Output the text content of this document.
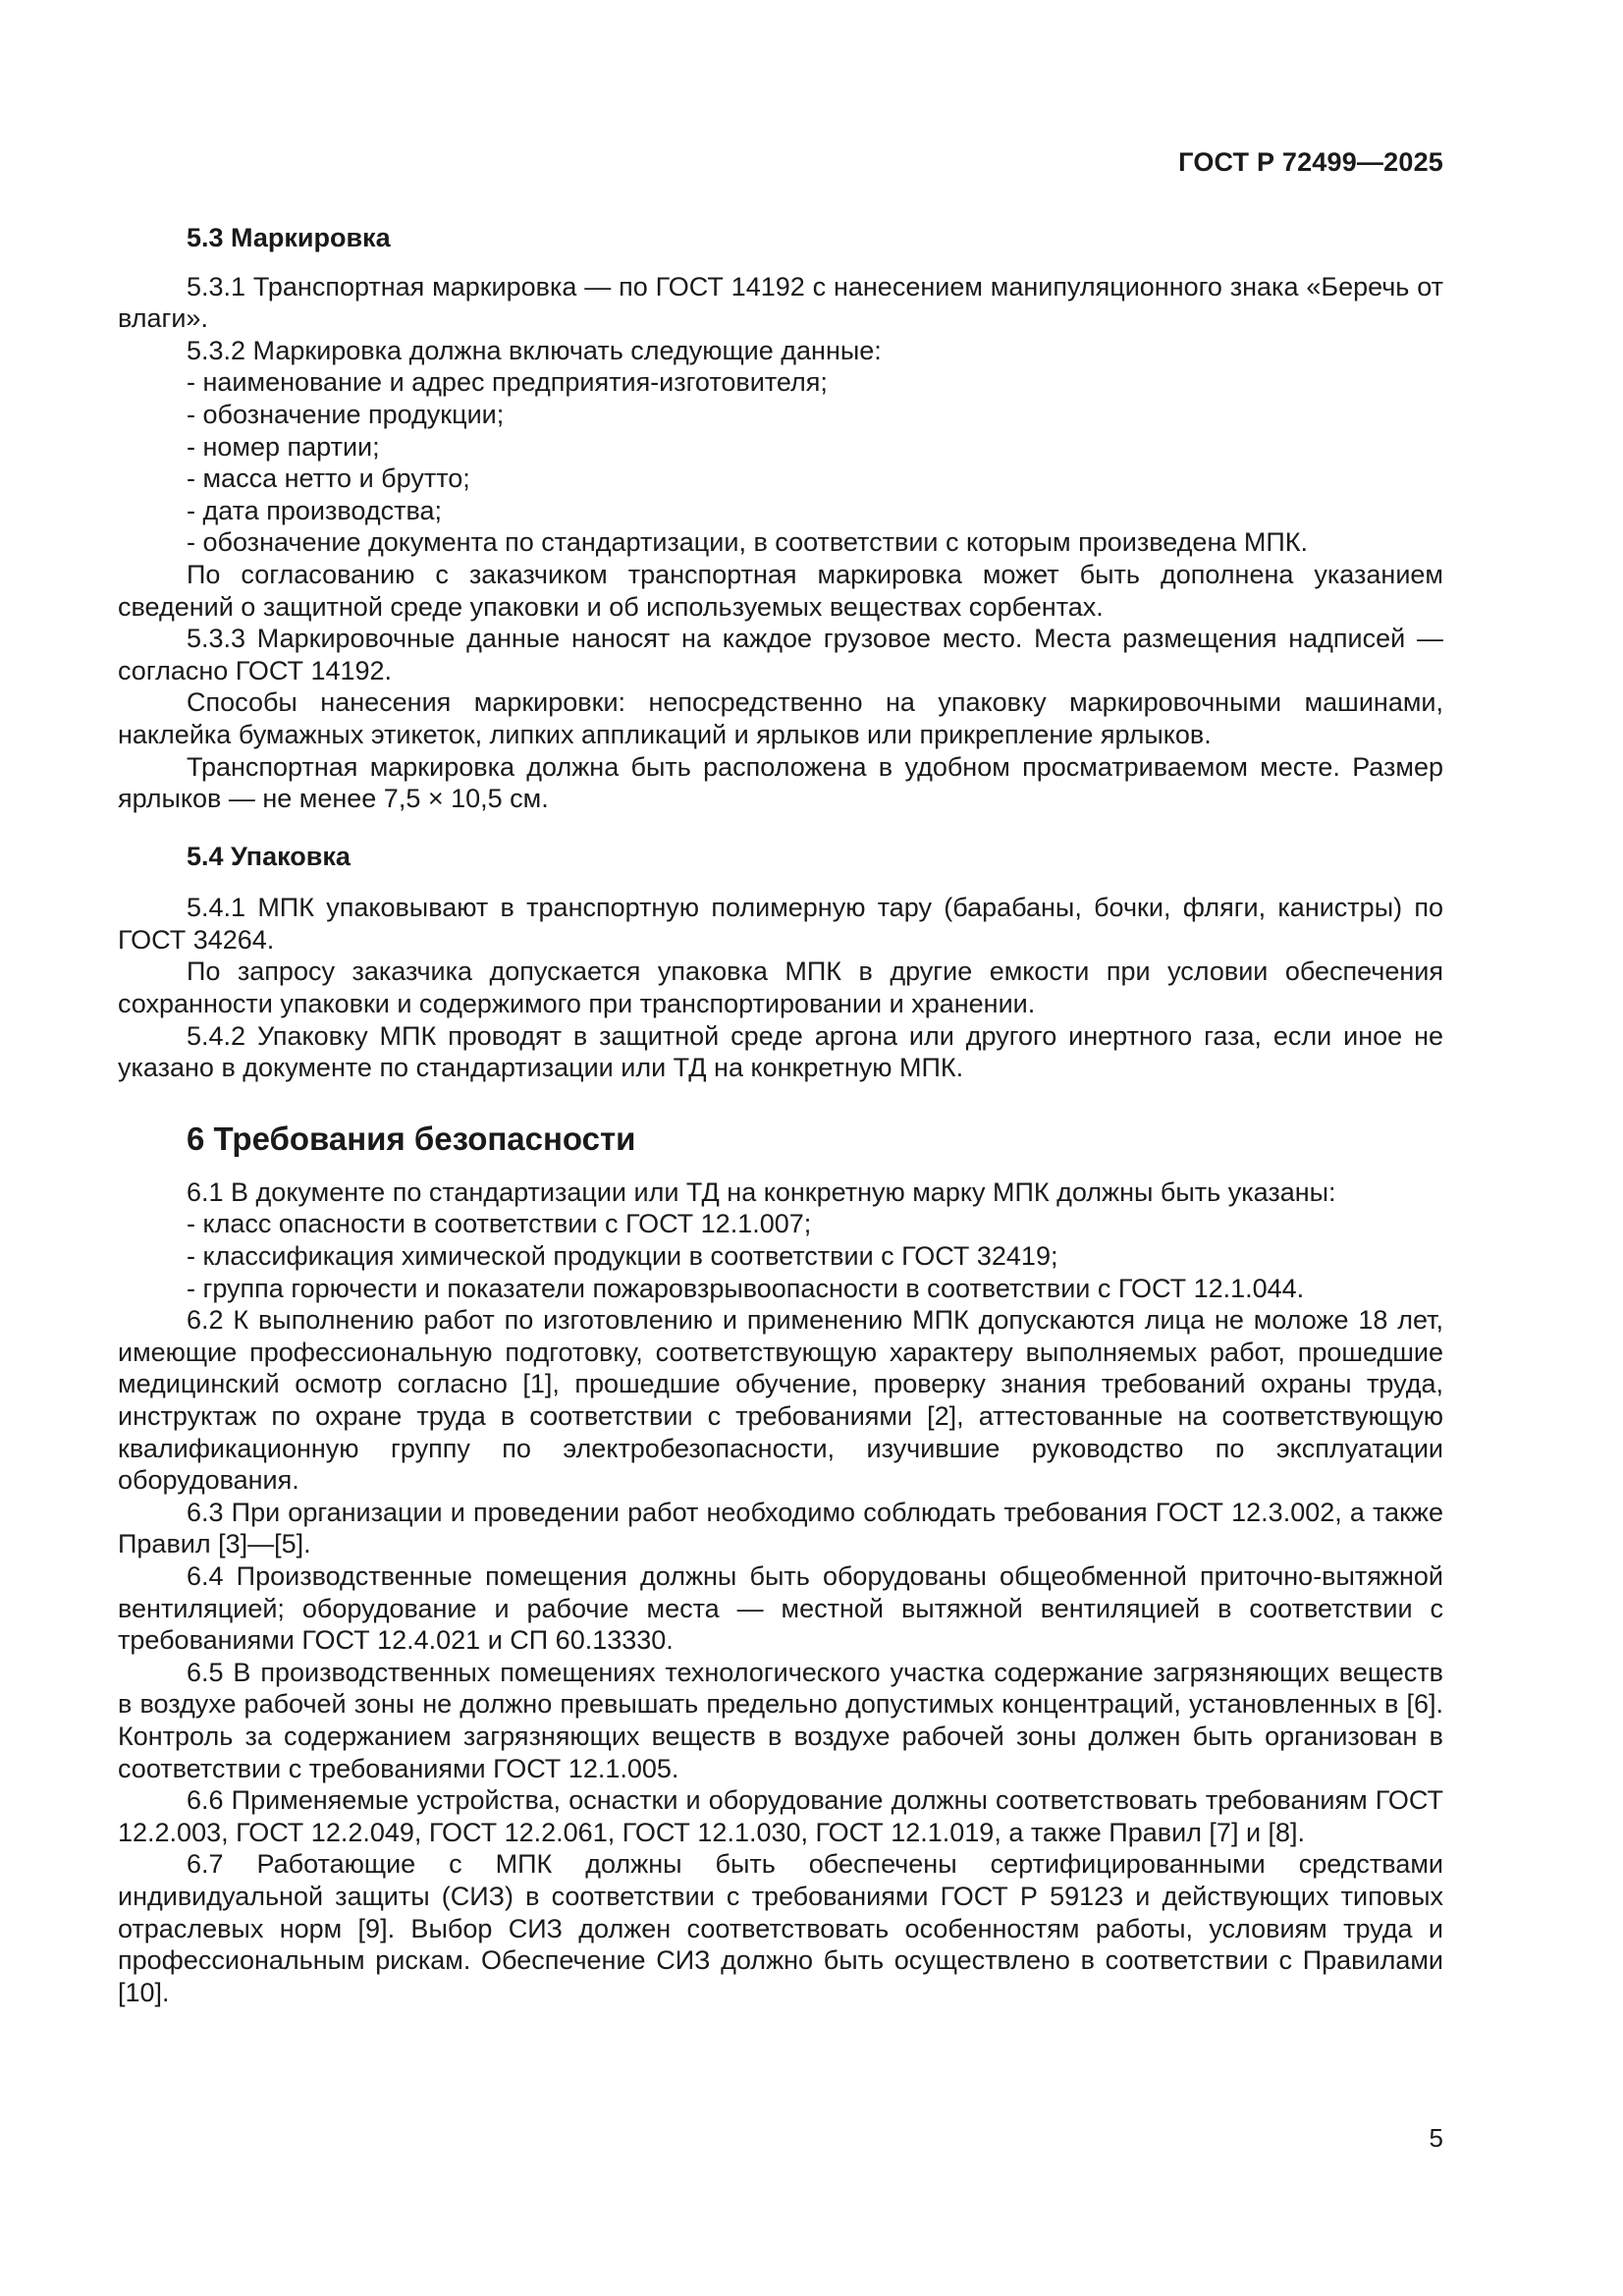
ГОСТ Р 72499—2025
5.3 Маркировка

5.3.1 Транспортная маркировка — по ГОСТ 14192 с нанесением манипуляционного знака «Беречь от влаги».

5.3.2 Маркировка должна включать следующие данные:

- наименование и адрес предприятия-изготовителя;

- обозначение продукции;

- номер партии;

- масса нетто и брутто;

- дата производства;

- обозначение документа по стандартизации, в соответствии с которым произведена МПК.

По согласованию с заказчиком транспортная маркировка может быть дополнена указанием сведений о защитной среде упаковки и об используемых веществах сорбентах.

5.3.3 Маркировочные данные наносят на каждое грузовое место. Места размещения надписей — согласно ГОСТ 14192.

Способы нанесения маркировки: непосредственно на упаковку маркировочными машинами, наклейка бумажных этикеток, липких аппликаций и ярлыков или прикрепление ярлыков.

Транспортная маркировка должна быть расположена в удобном просматриваемом месте. Размер ярлыков — не менее 7,5 × 10,5 см.

5.4 Упаковка

5.4.1 МПК упаковывают в транспортную полимерную тару (барабаны, бочки, фляги, канистры) по ГОСТ 34264.

По запросу заказчика допускается упаковка МПК в другие емкости при условии обеспечения сохранности упаковки и содержимого при транспортировании и хранении.

5.4.2 Упаковку МПК проводят в защитной среде аргона или другого инертного газа, если иное не указано в документе по стандартизации или ТД на конкретную МПК.

6 Требования безопасности

6.1 В документе по стандартизации или ТД на конкретную марку МПК должны быть указаны:

- класс опасности в соответствии с ГОСТ 12.1.007;

- классификация химической продукции в соответствии с ГОСТ 32419;

- группа горючести и показатели пожаровзрывоопасности в соответствии с ГОСТ 12.1.044.

6.2 К выполнению работ по изготовлению и применению МПК допускаются лица не моложе 18 лет, имеющие профессиональную подготовку, соответствующую характеру выполняемых работ, прошедшие медицинский осмотр согласно [1], прошедшие обучение, проверку знания требований охраны труда, инструктаж по охране труда в соответствии с требованиями [2], аттестованные на соответствующую квалификационную группу по электробезопасности, изучившие руководство по эксплуатации оборудования.

6.3 При организации и проведении работ необходимо соблюдать требования ГОСТ 12.3.002, а также Правил [3]—[5].

6.4 Производственные помещения должны быть оборудованы общеобменной приточно-вытяжной вентиляцией; оборудование и рабочие места — местной вытяжной вентиляцией в соответствии с требованиями ГОСТ 12.4.021 и СП 60.13330.

6.5 В производственных помещениях технологического участка содержание загрязняющих веществ в воздухе рабочей зоны не должно превышать предельно допустимых концентраций, установленных в [6]. Контроль за содержанием загрязняющих веществ в воздухе рабочей зоны должен быть организован в соответствии с требованиями ГОСТ 12.1.005.

6.6 Применяемые устройства, оснастки и оборудование должны соответствовать требованиям ГОСТ 12.2.003, ГОСТ 12.2.049, ГОСТ 12.2.061, ГОСТ 12.1.030, ГОСТ 12.1.019, а также Правил [7] и [8].

6.7 Работающие с МПК должны быть обеспечены сертифицированными средствами индивидуальной защиты (СИЗ) в соответствии с требованиями ГОСТ Р 59123 и действующих типовых отраслевых норм [9]. Выбор СИЗ должен соответствовать особенностям работы, условиям труда и профессиональным рискам. Обеспечение СИЗ должно быть осуществлено в соответствии с Правилами [10].

5
